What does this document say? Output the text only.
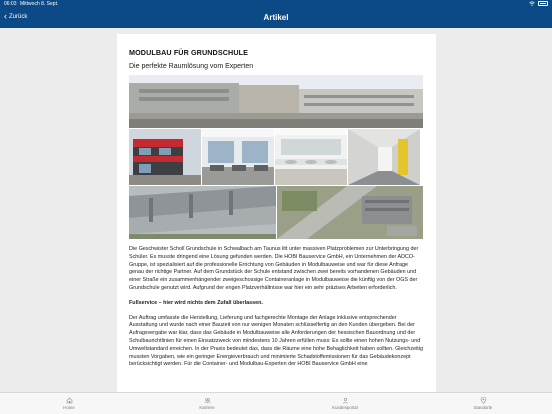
06:03 Mittwoch 8. Sept.
‹ Zurück	Artikel
MODULBAU FÜR GRUNDSCHULE
Die perfekte Raumlösung vom Experten

Die Geschwister Scholl Grundschule in Schwalbach am Taunus litt unter massiven Platzproblemen zur Unterbringung der Schüler. Es musste dringend eine Lösung gefunden werden. Die HOBI Bauservice GmbH, ein Unternehmen der ADCO-Gruppe, ist spezialisiert auf die professionelle Errichtung von Gebäuden in Modulbauweise und war für diese Anfrage genau der richtige Partner. Auf dem Grundstück der Schule entstand zwischen zwei bereits vorhandenen Gebäuden und einer Straße ein zusammenhängender zweigeschossige Containeranlage in Modulbauweise die künftig von der OGS der Grundschule genutzt wird. Aufgrund der engen Platzverhältnisse war hier ein sehr präzises Arbeiten erforderlich.

Fullservice – hier wird nichts dem Zufall überlassen.

Der Auftrag umfasste die Herstellung, Lieferung und fachgerechte Montage der Anlage inklusive entsprechender Ausstattung und wurde nach einer Bauzeit von nur wenigen Monaten schlüsselfertig an den Kunden übergeben. Bei der Aufragsvergabe war klar, dass das Gebäude in Modulbauweise alle Anforderungen der hessischen Bauordnung und der Schulbaurichtlinien für einen Einsatzzweck von mindestens 10 Jahren erfüllen muss: Es sollte einen hohen Nutzungs- und Umweltstandard erreichen. In der Praxis bedeutet das, dass die Räume eine hohe Behaglichkeit haben sollten. Gleichzeitig mussten Vorgaben, wie ein geringer Energieverbrauch und minimierte Schadstoffemissionen für das Gebäudekonzept berücksichtigt werden. Für die Container- und Modulbau-Experten der HOBI Bauservice GmbH eine

Home	Karriere	Kundenportal	Standorte
